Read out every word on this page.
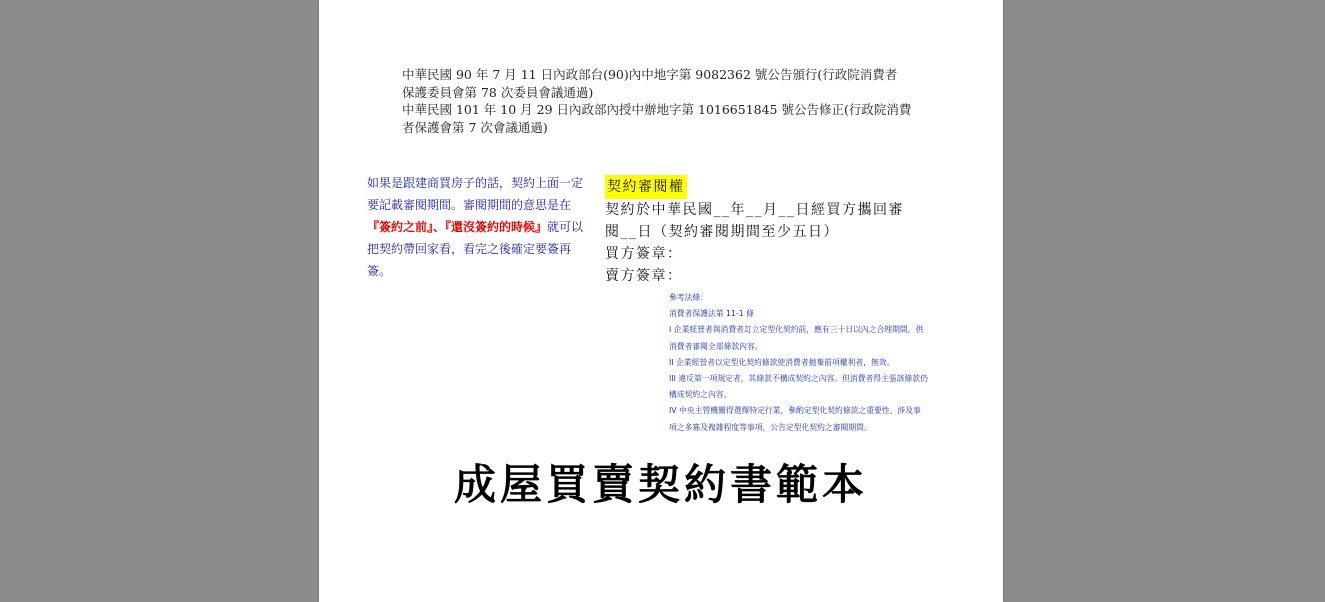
中華民國 90 年 7 月 11 日內政部台(90)內中地字第 9082362 號公告頒行(行政院消費者
保護委員會第 78 次委員會議通過)
中華民國 101 年 10 月 29 日內政部內授中辦地字第 1016651845 號公告修正(行政院消費
者保護會第 7 次會議通過)
如果是跟建商買房子的話，契約上面一定要記載審閱期間。審閱期間的意思是在『簽約之前』、『還沒簽約的時候』就可以把契約帶回家看，看完之後確定要簽再簽。
契約審閱權
契約於中華民國__年__月__日經買方攜回審
閱__日（契約審閱期間至少五日）
買方簽章：
賣方簽章：
參考法條：
消費者保護法第 11-1 條
I 企業經營者與消費者訂立定型化契約前，應有三十日以內之合理期間，供
消費者審閱全部條款內容。
II 企業經營者以定型化契約條款使消費者拋棄前項權利者，無效。
III 違反第一項規定者，其條款不構成契約之內容。但消費者得主張該條款仍
構成契約之內容。
IV 中央主管機關得選擇特定行業，參酌定型化契約條款之重要性、涉及事
項之多寡及複雜程度等事項，公告定型化契約之審閱期間。
成屋買賣契約書範本
